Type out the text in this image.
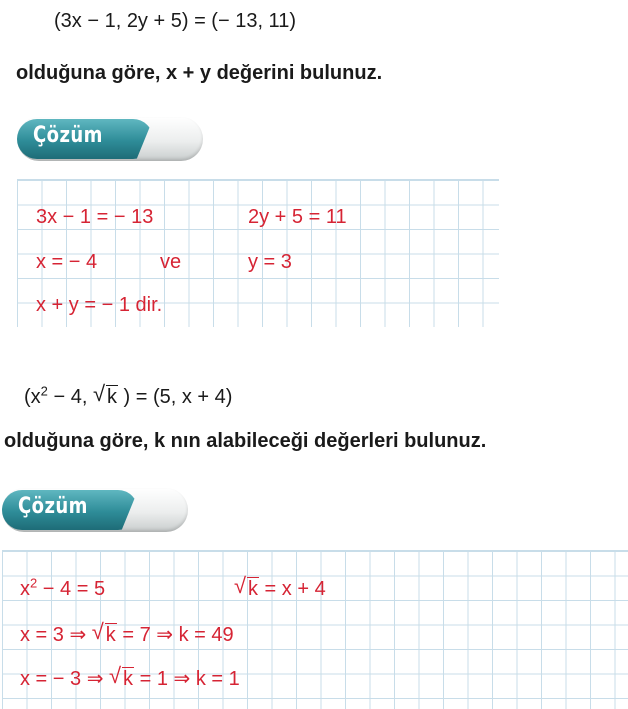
(3x − 1, 2y + 5) = (− 13, 11)
olduğuna göre, x + y değerini bulunuz.
Çözüm
3x − 1 = − 13	2y + 5 = 11
x = − 4	ve	y = 3
x + y = − 1 dir.
($x^2 - 4$, √ k ) = (5, x + 4)
olduğuna göre, k nın alabileceği değerleri bulunuz.
Çözüm
$x^2 - 4 = 5$	√ k = x + 4
x = 3 ⇒ √ k = 7 ⇒ k = 49
x = − 3 ⇒ √ k = 1 ⇒ k = 1
